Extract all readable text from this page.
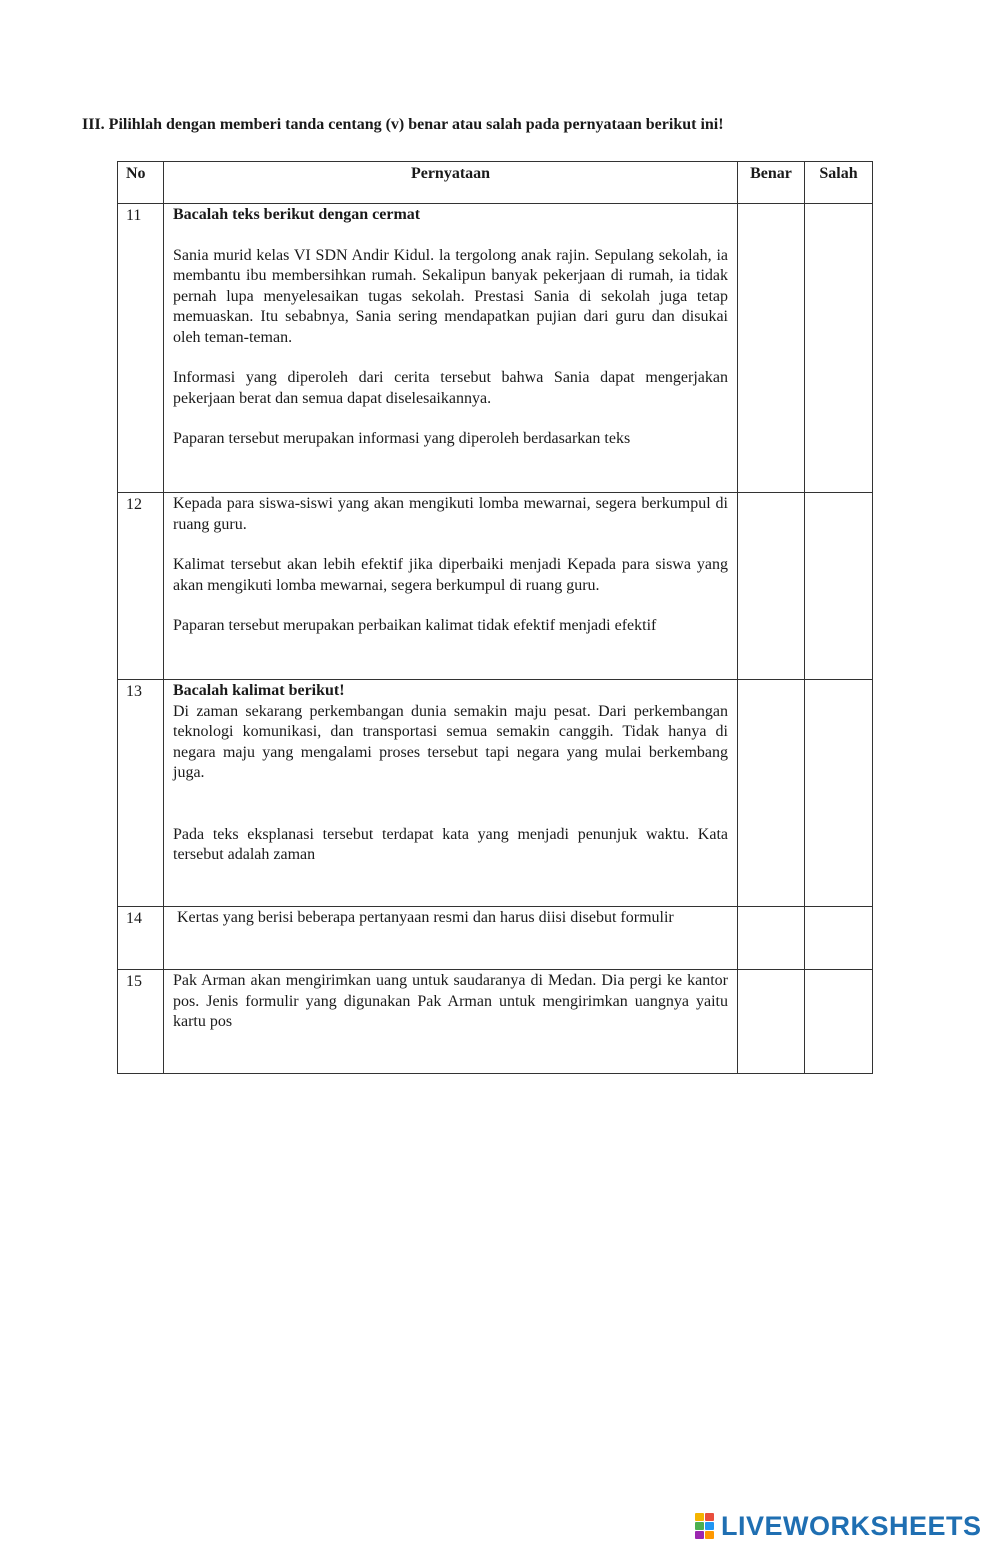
III. Pilihlah dengan memberi tanda centang (v) benar atau salah pada pernyataan berikut ini!
No	Pernyataan	Benar	Salah
11	Bacalah teks berikut dengan cermat

Sania murid kelas VI SDN Andir Kidul. la tergolong anak rajin. Sepulang sekolah, ia membantu ibu membersihkan rumah. Sekalipun banyak pekerjaan di rumah, ia tidak pernah lupa menyelesaikan tugas sekolah. Prestasi Sania di sekolah juga tetap memuaskan. Itu sebabnya, Sania sering mendapatkan pujian dari guru dan disukai oleh teman-teman.

Informasi yang diperoleh dari cerita tersebut bahwa Sania dapat mengerjakan pekerjaan berat dan semua dapat diselesaikannya.

Paparan tersebut merupakan informasi yang diperoleh berdasarkan teks		

12	Kepada para siswa-siswi yang akan mengikuti lomba mewarnai, segera berkumpul di ruang guru.

Kalimat tersebut akan lebih efektif jika diperbaiki menjadi Kepada para siswa yang akan mengikuti lomba mewarnai, segera berkumpul di ruang guru.

Paparan tersebut merupakan perbaikan kalimat tidak efektif menjadi efektif		

13	Bacalah kalimat berikut!

Di zaman sekarang perkembangan dunia semakin maju pesat. Dari perkembangan teknologi komunikasi, dan transportasi semua semakin canggih. Tidak hanya di negara maju yang mengalami proses tersebut tapi negara yang mulai berkembang juga.

Pada teks eksplanasi tersebut terdapat kata yang menjadi penunjuk waktu. Kata tersebut adalah zaman		

14	Kertas yang berisi beberapa pertanyaan resmi dan harus diisi disebut formulir		

15	Pak Arman akan mengirimkan uang untuk saudaranya di Medan. Dia pergi ke kantor pos. Jenis formulir yang digunakan Pak Arman untuk mengirimkan uangnya yaitu kartu pos		

LIVEWORKSHEETS
